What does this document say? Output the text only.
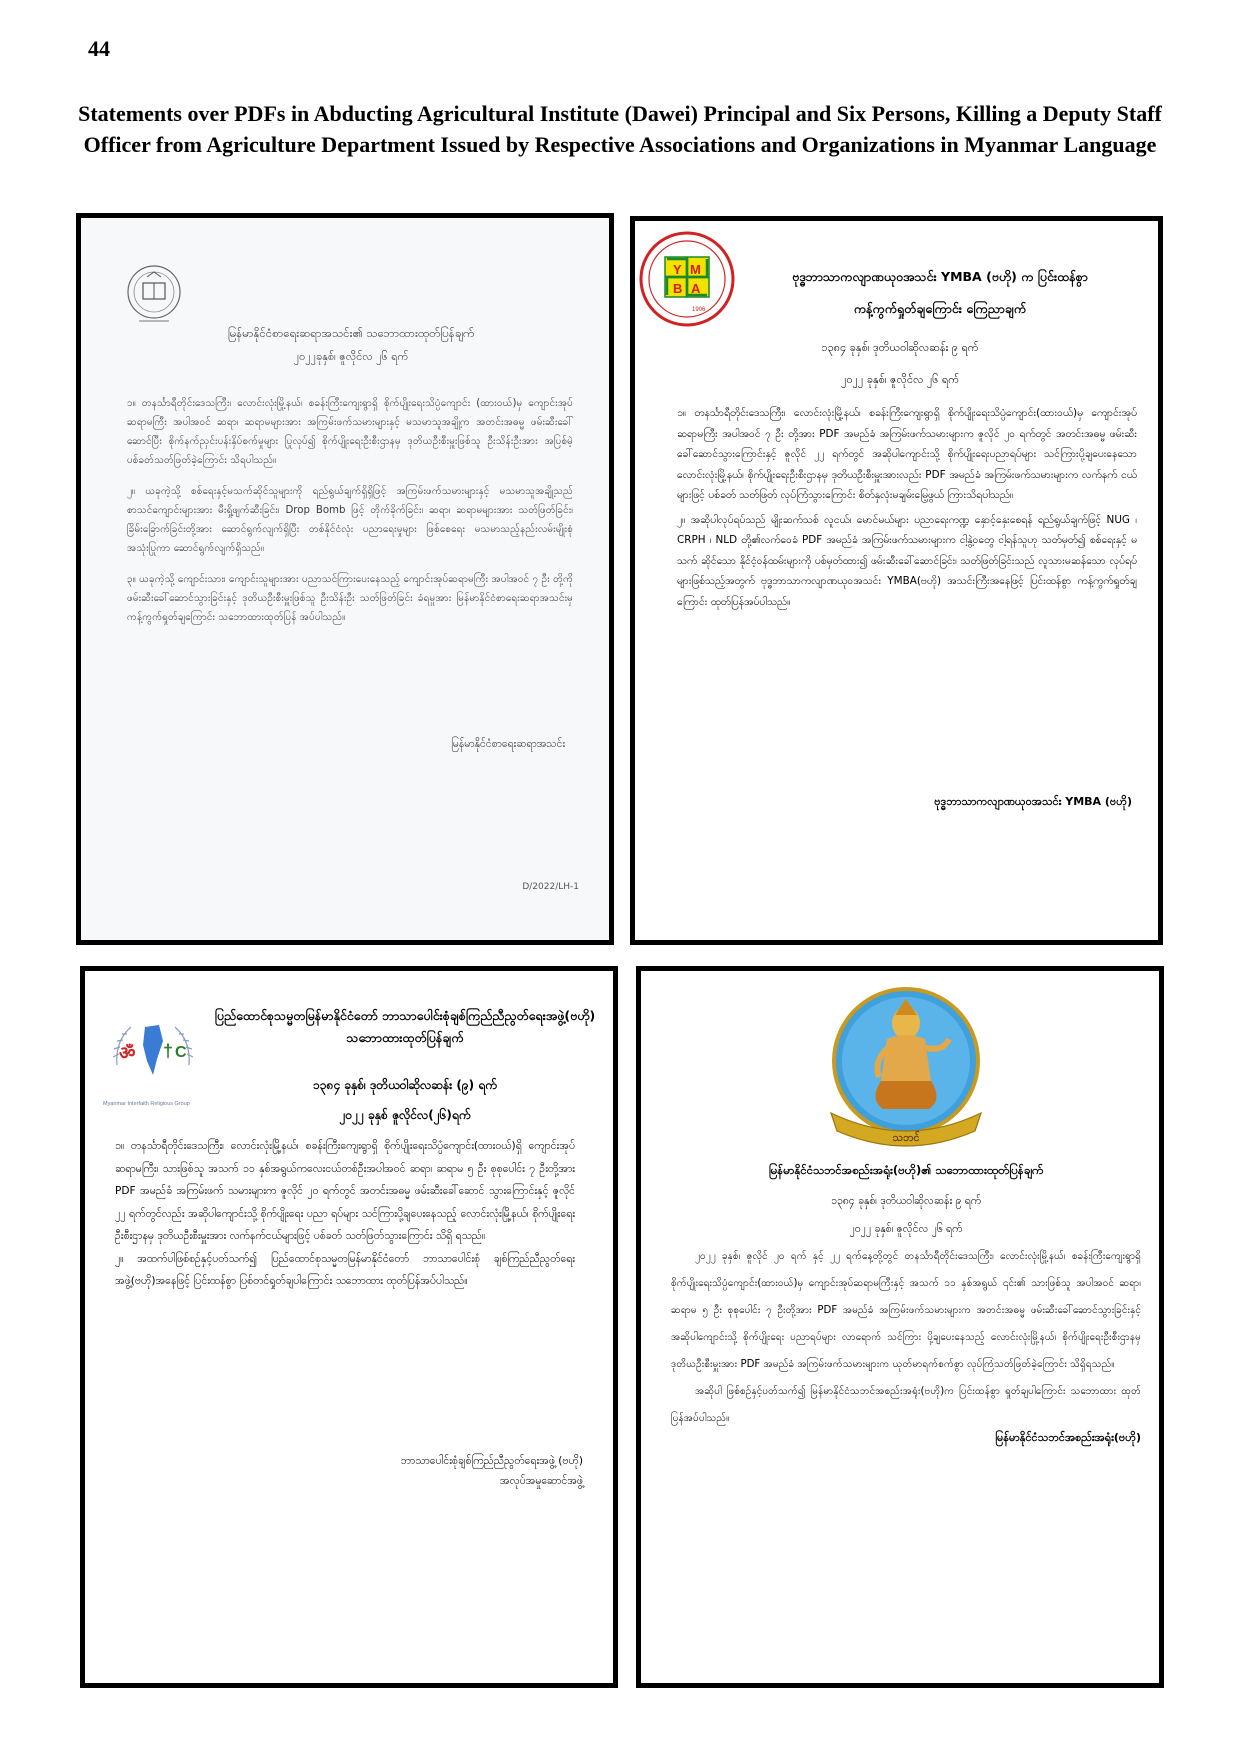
44
Statements over PDFs in Abducting Agricultural Institute (Dawei) Principal and Six Persons, Killing a Deputy Staff Officer from Agriculture Department Issued by Respective Associations and Organizations in Myanmar Language
မြန်မာနိုင်ငံစာရေးဆရာအသင်း၏ သဘောထားထုတ်ပြန်ချက်
၂၀၂၂ခုနှစ်၊ ဇူလိုင်လ ၂၆ ရက်

၁။ တနင်္သာရီတိုင်းဒေသကြီး၊ လောင်းလုံးမြို့နယ်၊ စခန်းကြီးကျေးရွာရှိ စိုက်ပျိုးရေးသိပ္ပံကျောင်း (ထားဝယ်)မှ ကျောင်းအုပ် ဆရာမကြီး အပါအဝင် ဆရာ၊ ဆရာမများအား အကြမ်းဖက်သမားများနှင့် မသမာသူအချို့က အတင်းအဓမ္မ ဖမ်းဆီးခေါ်ဆောင်ပြီး စိုက်နက်ညှင်းပန်းနှိပ်စက်မှုများ ပြုလုပ်၍ စိုက်ပျိုးရေးဦးစီးဌာနမှ ဒုတိယဦးစီးမှူးဖြစ်သူ ဦးသိန်းဦးအား အပြစ်မဲ့ ပစ်ခတ်သတ်ဖြတ်ခဲ့ကြောင်း သိရပါသည်။

၂။ ယခုကဲ့သို့ စစ်ရေးနှင့်မသက်ဆိုင်သူများကို ရည်ရွယ်ချက်ရှိရှိဖြင့် အကြမ်းဖက်သမားများနှင့် မသမာသူအချို့သည် စာသင်ကျောင်းများအား မီးရှို့ဖျက်ဆီးခြင်း၊ Drop Bomb ဖြင့် တိုက်ခိုက်ခြင်း၊ ဆရာ၊ ဆရာမများအား သတ်ဖြတ်ခြင်း၊ ခြိမ်းခြောက်ခြင်းတို့အား ဆောင်ရွက်လျက်ရှိပြီး တစ်နိုင်ငံလုံး ပညာရေးမှုများ ဖြစ်စေရေး မသမာသည့်နည်းလမ်းမျိုးစုံ အသုံးပြုကာ ဆောင်ရွက်လျက်ရှိသည်။

၃။ ယခုကဲ့သို့ ကျောင်းသား၊ ကျောင်းသူများအား ပညာသင်ကြားပေးနေသည့် ကျောင်းအုပ်ဆရာမကြီး အပါအဝင် ၇ ဦး တို့ကို ဖမ်းဆီးခေါ်ဆောင်သွားခြင်းနှင့် ဒုတိယဦးစီးမှူးဖြစ်သူ ဦးသိန်းဦး သတ်ဖြတ်ခြင်း ခံရမှုအား မြန်မာနိုင်ငံစာရေးဆရာအသင်းမှ ကန့်ကွက်ရှုတ်ချကြောင်း သဘောထားထုတ်ပြန် အပ်ပါသည်။

မြန်မာနိုင်ငံစာရေးဆရာအသင်း
D/2022/LH-1
Y M
B A
1906
ဗုဒ္ဓဘာသာကလျာဏယုဝအသင်း YMBA (ဗဟို) က ပြင်းထန်စွာ
ကန့်ကွက်ရှုတ်ချကြောင်း ကြေညာချက်
၁၃၈၄ ခုနှစ်၊ ဒုတိယဝါဆိုလဆန်း ၉ ရက်
၂၀၂၂ ခုနှစ်၊ ဇူလိုင်လ ၂၆ ရက်

၁။ တနင်္သာရီတိုင်းဒေသကြီး၊ လောင်းလုံးမြို့နယ်၊ စခန်းကြီးကျေးရွာရှိ စိုက်ပျိုးရေးသိပ္ပံကျောင်း(ထားဝယ်)မှ ကျောင်းအုပ်ဆရာမကြီး အပါအဝင် ၇ ဦး တို့အား PDF အမည်ခံ အကြမ်းဖက်သမားများက ဇူလိုင် ၂၀ ရက်တွင် အတင်းအဓမ္မ ဖမ်းဆီးခေါ်ဆောင်သွားကြောင်းနှင့် ဇူလိုင် ၂၂ ရက်တွင် အဆိုပါကျောင်းသို့ စိုက်ပျိုးရေးပညာရပ်များ သင်ကြားပို့ချပေးနေသော လောင်းလုံးမြို့နယ်၊ စိုက်ပျိုးရေးဦးစီးဌာနမှ ဒုတိယဦးစီးမှူးအားလည်း PDF အမည်ခံ အကြမ်းဖက်သမားများက လက်နက် ငယ်များဖြင့် ပစ်ခတ် သတ်ဖြတ် လုပ်ကြံသွားကြောင်း စိတ်နှလုံးမချမ်းမြေ့ဖွယ် ကြားသိရပါသည်။

၂။ အဆိုပါလုပ်ရပ်သည် မျိုးဆက်သစ် လူငယ်၊ မောင်မယ်များ ပညာရေးကဏ္ဍ နှောင့်နှေးစေရန် ရည်ရွယ်ချက်ဖြင့် NUG ၊ CRPH ၊ NLD တို့၏လက်ဝေခံ PDF အမည်ခံ အကြမ်းဖက်သမားများက ငါ့နွဲ့ဝတွေ ငါ့ရန်သူဟု သတ်မှတ်၍ စစ်ရေးနှင့် မသက် ဆိုင်သော နိုင်ငံ့ဝန်ထမ်းများကို ပစ်မှတ်ထား၍ ဖမ်းဆီးခေါ်ဆောင်ခြင်း၊ သတ်ဖြတ်ခြင်းသည် လူသားမဆန်သော လုပ်ရပ်များဖြစ်သည့်အတွက် ဗုဒ္ဓဘာသာကလျာဏယုဝအသင်း YMBA(ဗဟို) အသင်းကြီးအနေဖြင့် ပြင်းထန်စွာ ကန့်ကွက်ရှုတ်ချကြောင်း ထုတ်ပြန်အပ်ပါသည်။

ဗုဒ္ဓဘာသာကလျာဏယုဝအသင်း YMBA (ဗဟို)
ॐ † C
Myanmar Interfaith Religious Group
ပြည်ထောင်စုသမ္မတမြန်မာနိုင်ငံတော် ဘာသာပေါင်းစုံချစ်ကြည်ညီညွတ်ရေးအဖွဲ့(ဗဟို) သဘောထားထုတ်ပြန်ချက်
၁၃၈၄ ခုနှစ်၊ ဒုတိယဝါဆိုလဆန်း (၉) ရက်
၂၀၂၂ ခုနှစ် ဇူလိုင်လ(၂၆)ရက်

၁။ တနင်္သာရီတိုင်းဒေသကြီး၊ လောင်းလုံးမြို့နယ်၊ စခန်းကြီးကျေးရွာရှိ စိုက်ပျိုးရေးသိပ္ပံကျောင်း(ထားဝယ်)ရှိ ကျောင်းအုပ်ဆရာမကြီး၊ သားဖြစ်သူ အသက် ၁၁ နှစ်အရွယ်ကလေးငယ်တစ်ဦးအပါအဝင် ဆရာ၊ ဆရာမ ၅ ဦး စုစုပေါင်း ၇ ဦးတို့အား PDF အမည်ခံ အကြမ်းဖက် သမားများက ဇူလိုင် ၂၀ ရက်တွင် အတင်းအဓမ္မ ဖမ်းဆီးခေါ်ဆောင် သွားကြောင်းနှင့် ဇူလိုင် ၂၂ ရက်တွင်လည်း အဆိုပါကျောင်းသို့ စိုက်ပျိုးရေး ပညာ ရပ်များ သင်ကြားပို့ချပေးနေသည့် လောင်းလုံးမြို့နယ်၊ စိုက်ပျိုးရေးဦးစီးဌာနမှ ဒုတိယဦးစီးမှူးအား လက်နက်ငယ်များဖြင့် ပစ်ခတ် သတ်ဖြတ်သွားကြောင်း သိရှိ ရသည်။

၂။ အထက်ပါဖြစ်စဉ်နှင့်ပတ်သက်၍ ပြည်ထောင်စုသမ္မတမြန်မာနိုင်ငံတော် ဘာသာပေါင်းစုံ ချစ်ကြည်ညီညွတ်ရေးအဖွဲ့(ဗဟို)အနေဖြင့် ပြင်းထန်စွာ ပြစ်တင်ရှုတ်ချပါကြောင်း သဘောထား ထုတ်ပြန်အပ်ပါသည်။

ဘာသာပေါင်းစုံချစ်ကြည်ညီညွတ်ရေးအဖွဲ့ (ဗဟို)
အလုပ်အမှုဆောင်အဖွဲ့
သဘင်
မြန်မာနိုင်ငံသဘင်အစည်းအရုံး(ဗဟို)၏ သဘောထားထုတ်ပြန်ချက်
၁၃၈၄ ခုနှစ်၊ ဒုတိယဝါဆိုလဆန်း ၉ ရက်
၂၀၂၂ ခုနှစ်၊ ဇူလိုင်လ ၂၆ ရက်

၂၀၂၂ ခုနှစ်၊ ဇူလိုင် ၂၀ ရက် နှင့် ၂၂ ရက်နေ့တို့တွင် တနင်္သာရီတိုင်းဒေသကြီး၊ လောင်းလုံးမြို့နယ်၊ စခန်းကြီးကျေးရွာရှိ စိုက်ပျိုးရေးသိပ္ပံကျောင်း(ထားဝယ်)မှ ကျောင်းအုပ်ဆရာမကြီးနှင့် အသက် ၁၁ နှစ်အရွယ် ၎င်း၏ သားဖြစ်သူ အပါအဝင် ဆရာ၊ ဆရာမ ၅ ဦး စုစုပေါင်း ၇ ဦးတို့အား PDF အမည်ခံ အကြမ်းဖက်သမားများက အတင်းအဓမ္မ ဖမ်းဆီးခေါ်ဆောင်သွားခြင်းနှင့် အဆိုပါကျောင်းသို့ စိုက်ပျိုးရေး ပညာရပ်များ လာရောက် သင်ကြား ပို့ချပေးနေသည့် လောင်းလုံးမြို့နယ်၊ စိုက်ပျိုးရေးဦးစီးဌာနမှ ဒုတိယဦးစီးမှူးအား PDF အမည်ခံ အကြမ်းဖက်သမားများက ယုတ်မာရက်စက်စွာ လုပ်ကြံသတ်ဖြတ်ခဲ့ကြောင်း သိရှိရသည်။

အဆိုပါ ဖြစ်စဉ်နှင့်ပတ်သက်၍ မြန်မာနိုင်ငံသဘင်အစည်းအရုံး(ဗဟို)က ပြင်းထန်စွာ ရှုတ်ချပါကြောင်း သဘောထား ထုတ်ပြန်အပ်ပါသည်။

မြန်မာနိုင်ငံသဘင်အစည်းအရုံး(ဗဟို)
